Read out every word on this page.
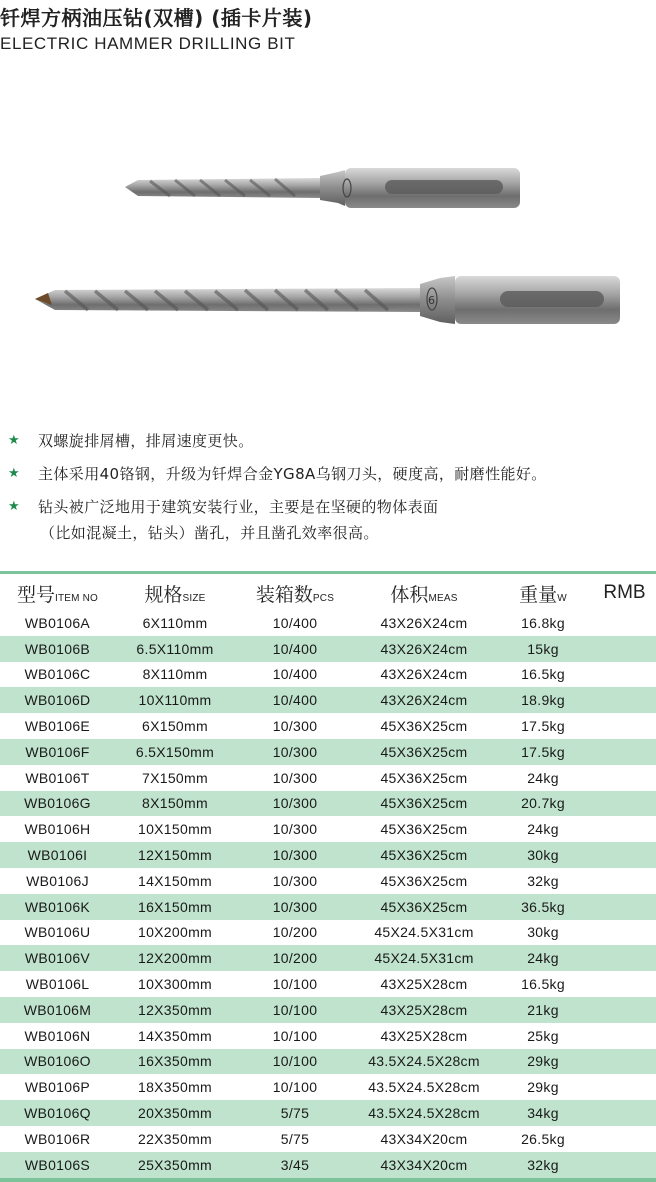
钎焊方柄油压钻(双槽) (插卡片装)
ELECTRIC HAMMER DRILLING BIT
6
★ 双螺旋排屑槽，排屑速度更快。
★ 主体采用40铬钢，升级为钎焊合金YG8A乌钢刀头，硬度高，耐磨性能好。
★ 钻头被广泛地用于建筑安装行业，主要是在坚硬的物体表面
（比如混凝土，钻头）凿孔，并且凿孔效率很高。
型号ITEM NO	规格SIZE	装箱数PCS	体积MEAS	重量W	RMB
WB0106A	6X110mm	10/400	43X26X24cm	16.8kg	
WB0106B	6.5X110mm	10/400	43X26X24cm	15kg	
WB0106C	8X110mm	10/400	43X26X24cm	16.5kg	
WB0106D	10X110mm	10/400	43X26X24cm	18.9kg	
WB0106E	6X150mm	10/300	45X36X25cm	17.5kg	
WB0106F	6.5X150mm	10/300	45X36X25cm	17.5kg	
WB0106T	7X150mm	10/300	45X36X25cm	24kg	
WB0106G	8X150mm	10/300	45X36X25cm	20.7kg	
WB0106H	10X150mm	10/300	45X36X25cm	24kg	
WB0106I	12X150mm	10/300	45X36X25cm	30kg	
WB0106J	14X150mm	10/300	45X36X25cm	32kg	
WB0106K	16X150mm	10/300	45X36X25cm	36.5kg	
WB0106U	10X200mm	10/200	45X24.5X31cm	30kg	
WB0106V	12X200mm	10/200	45X24.5X31cm	24kg	
WB0106L	10X300mm	10/100	43X25X28cm	16.5kg	
WB0106M	12X350mm	10/100	43X25X28cm	21kg	
WB0106N	14X350mm	10/100	43X25X28cm	25kg	
WB0106O	16X350mm	10/100	43.5X24.5X28cm	29kg	
WB0106P	18X350mm	10/100	43.5X24.5X28cm	29kg	
WB0106Q	20X350mm	5/75	43.5X24.5X28cm	34kg	
WB0106R	22X350mm	5/75	43X34X20cm	26.5kg	
WB0106S	25X350mm	3/45	43X34X20cm	32kg	
